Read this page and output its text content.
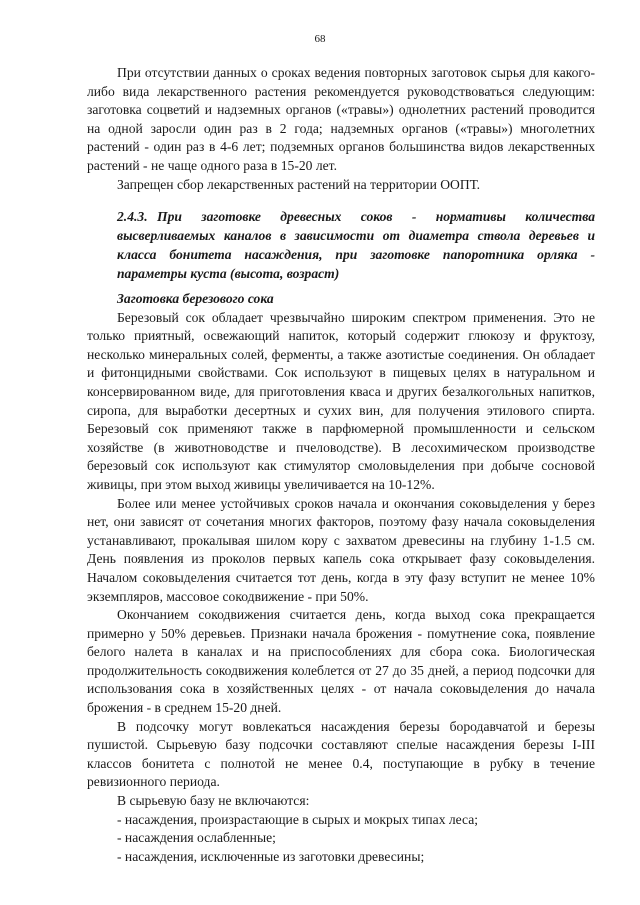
68

При отсутствии данных о сроках ведения повторных заготовок сырья для какого-либо вида лекарственного растения рекомендуется руководствоваться следующим: заготовка соцветий и надземных органов («травы») однолетних растений проводится на одной заросли один раз в 2 года; надземных органов («травы») многолетних растений - один раз в 4-6 лет; подземных органов большинства видов лекарственных растений - не чаще одного раза в 15-20 лет.

Запрещен сбор лекарственных растений на территории ООПТ.

2.4.3. При заготовке древесных соков - нормативы количества высверливаемых каналов в зависимости от диаметра ствола деревьев и класса бонитета насаждения, при заготовке папоротника орляка - параметры куста (высота, возраст)

Заготовка березового сока

Березовый сок обладает чрезвычайно широким спектром применения. Это не только приятный, освежающий напиток, который содержит глюкозу и фруктозу, несколько минеральных солей, ферменты, а также азотистые соединения. Он обладает и фитонцидными свойствами. Сок используют в пищевых целях в натуральном и консервированном виде, для приготовления кваса и других безалкогольных напитков, сиропа, для выработки десертных и сухих вин, для получения этилового спирта. Березовый сок применяют также в парфюмерной промышленности и сельском хозяйстве (в животноводстве и пчеловодстве). В лесохимическом производстве березовый сок используют как стимулятор смоловыделения при добыче сосновой живицы, при этом выход живицы увеличивается на 10-12%.

Более или менее устойчивых сроков начала и окончания соковыделения у берез нет, они зависят от сочетания многих факторов, поэтому фазу начала соковыделения устанавливают, прокалывая шилом кору с захватом древесины на глубину 1-1.5 см. День появления из проколов первых капель сока открывает фазу соковыделения. Началом соковыделения считается тот день, когда в эту фазу вступит не менее 10% экземпляров, массовое сокодвижение - при 50%.

Окончанием сокодвижения считается день, когда выход сока прекращается примерно у 50% деревьев. Признаки начала брожения - помутнение сока, появление белого налета в каналах и на приспособлениях для сбора сока. Биологическая продолжительность сокодвижения колеблется от 27 до 35 дней, а период подсочки для использования сока в хозяйственных целях - от начала соковыделения до начала брожения - в среднем 15-20 дней.

В подсочку могут вовлекаться насаждения березы бородавчатой и березы пушистой. Сырьевую базу подсочки составляют спелые насаждения березы I-III классов бонитета с полнотой не менее 0.4, поступающие в рубку в течение ревизионного периода.

В сырьевую базу не включаются:

- насаждения, произрастающие в сырых и мокрых типах леса;

- насаждения ослабленные;

- насаждения, исключенные из заготовки древесины;
